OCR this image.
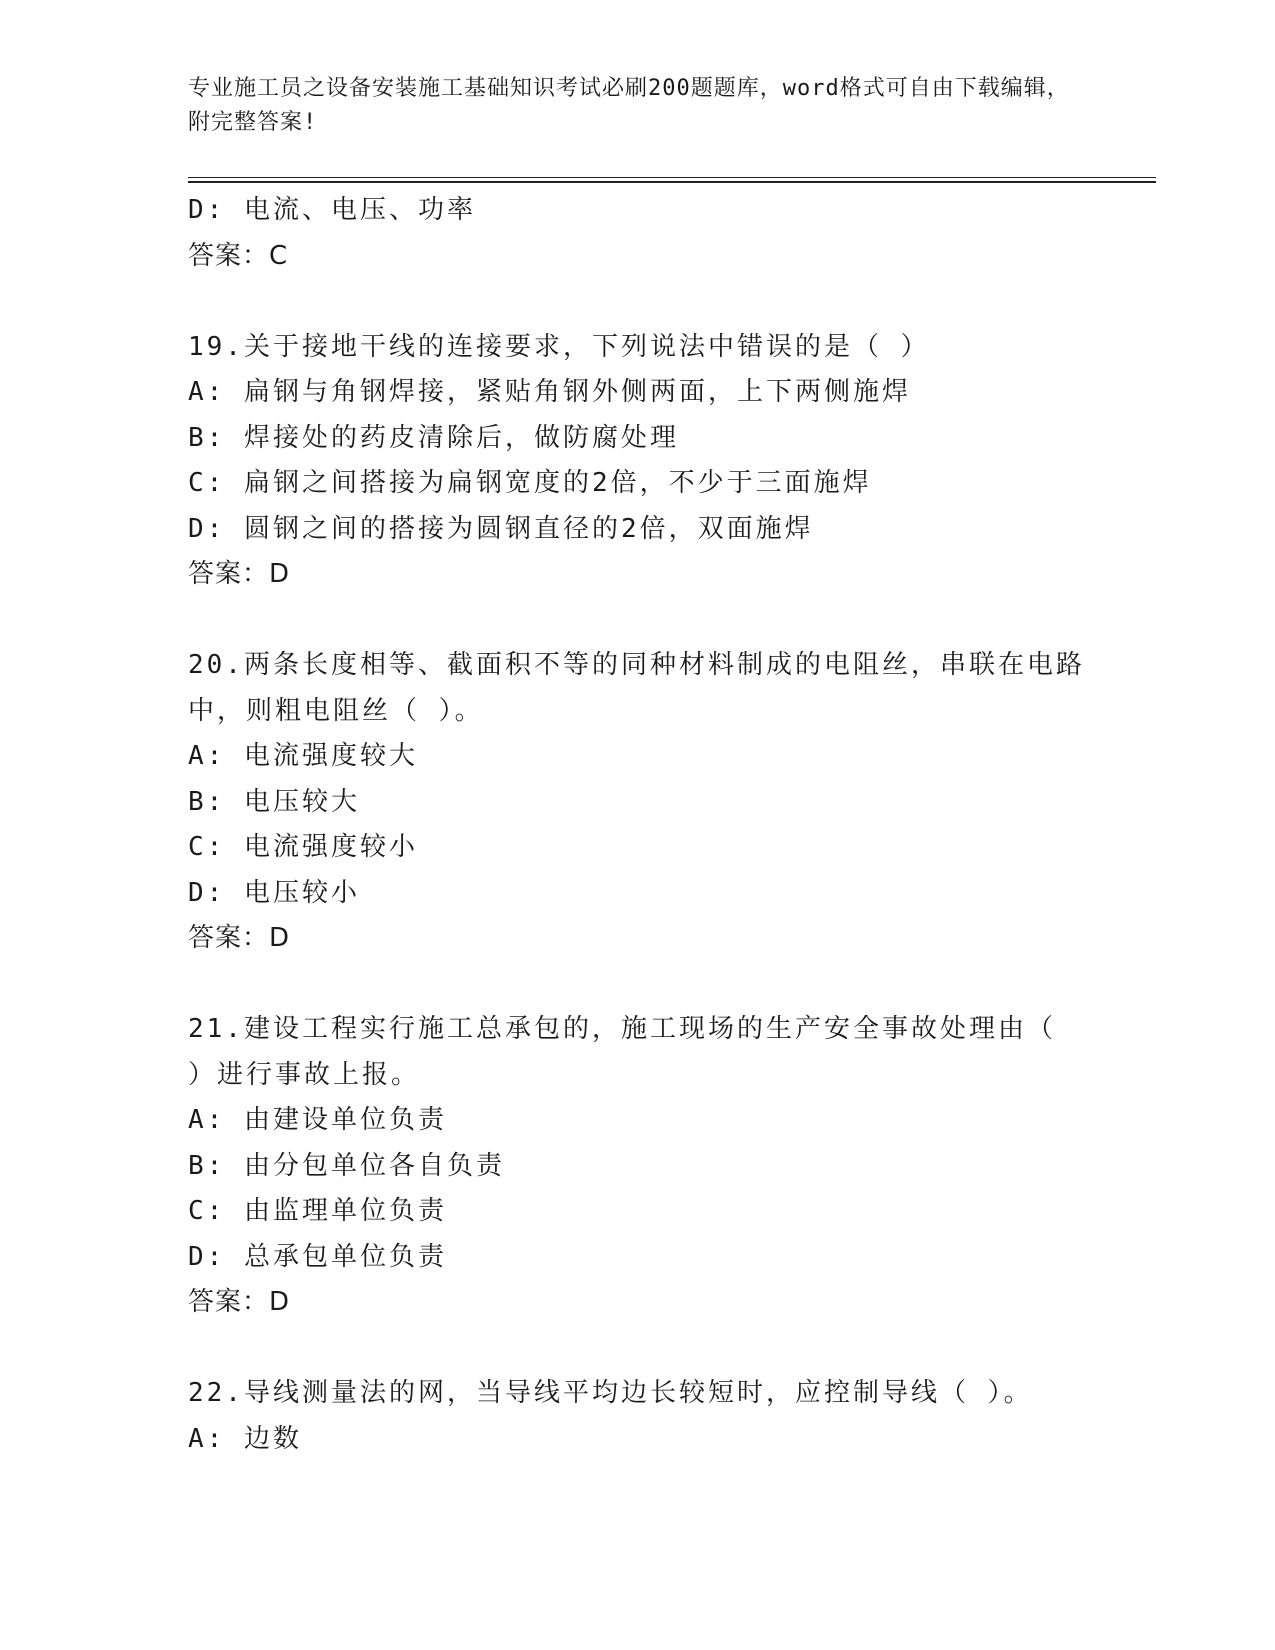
专业施工员之设备安装施工基础知识考试必刷200题题库，word格式可自由下载编辑，附完整答案!
D: 电流、电压、功率
答案：C
19.关于接地干线的连接要求，下列说法中错误的是（ ）
A: 扁钢与角钢焊接，紧贴角钢外侧两面，上下两侧施焊
B: 焊接处的药皮清除后，做防腐处理
C: 扁钢之间搭接为扁钢宽度的2倍，不少于三面施焊
D: 圆钢之间的搭接为圆钢直径的2倍，双面施焊
答案：D
20.两条长度相等、截面积不等的同种材料制成的电阻丝，串联在电路中，则粗电阻丝（ ）。
A: 电流强度较大
B: 电压较大
C: 电流强度较小
D: 电压较小
答案：D
21.建设工程实行施工总承包的，施工现场的生产安全事故处理由（ ）进行事故上报。
A: 由建设单位负责
B: 由分包单位各自负责
C: 由监理单位负责
D: 总承包单位负责
答案：D
22.导线测量法的网，当导线平均边长较短时，应控制导线（ ）。
A: 边数
